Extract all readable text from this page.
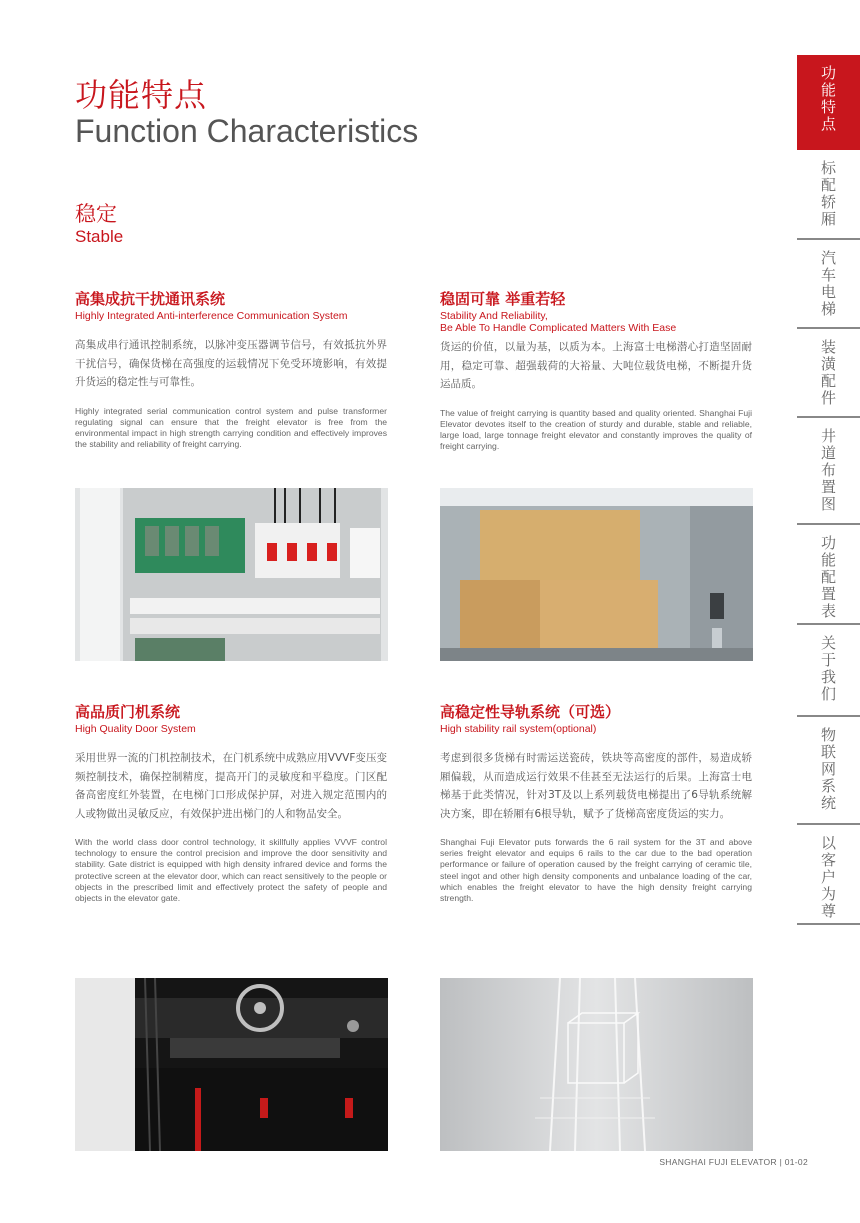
功能特点
Function Characteristics
稳定
Stable
高集成抗干扰通讯系统
Highly Integrated Anti-interference Communication System
高集成串行通讯控制系统，以脉冲变压器调节信号，有效抵抗外界干扰信号，确保货梯在高强度的运载情况下免受环境影响，有效提升货运的稳定性与可靠性。
Highly integrated serial communication control system and pulse transformer regulating signal can ensure that the freight elevator is free from the environmental impact in high strength carrying condition and effectively improves the stability and reliability of freight carrying.
稳固可靠 举重若轻
Stability And Reliability,
Be Able To Handle Complicated Matters With Ease
货运的价值，以量为基，以质为本。上海富士电梯潜心打造坚固耐用，稳定可靠、超强载荷的大裕量、大吨位载货电梯，不断提升货运品质。
The value of freight carrying is quantity based and quality oriented. Shanghai Fuji Elevator devotes itself to the creation of sturdy and durable, stable and reliable, large load, large tonnage freight elevator and constantly improves the quality of freight carrying.
高品质门机系统
High Quality Door System
采用世界一流的门机控制技术，在门机系统中成熟应用VVVF变压变频控制技术，确保控制精度，提高开门的灵敏度和平稳度。门区配备高密度红外装置，在电梯门口形成保护屏，对进入规定范围内的人或物做出灵敏反应，有效保护进出梯门的人和物品安全。
With the world class door control technology, it skillfully applies VVVF control technology to ensure the control precision and improve the door sensitivity and stability. Gate district is equipped with high density infrared device and forms the protective screen at the elevator door, which can react sensitively to the people or objects in the prescribed limit and effectively protect the safety of people and objects in the elevator gate.
高稳定性导轨系统（可选）
High stability rail system(optional)
考虑到很多货梯有时需运送瓷砖，铁块等高密度的部件，易造成轿厢偏载，从而造成运行效果不佳甚至无法运行的后果。上海富士电梯基于此类情况，针对3T及以上系列载货电梯提出了6导轨系统解决方案，即在轿厢有6根导轨，赋予了货梯高密度货运的实力。
Shanghai Fuji Elevator puts forwards the 6 rail system for the 3T and above series freight elevator and equips 6 rails to the car due to the bad operation performance or failure of operation caused by the freight carrying of ceramic tile, steel ingot and other high density components and unbalance loading of the car, which enables the freight elevator to have the high density freight carrying strength.
功能特点
标配轿厢
汽车电梯
装潢配件
井道布置图
功能配置表
关于我们
物联网系统
以客户为尊
SHANGHAI FUJI ELEVATOR | 01-02
